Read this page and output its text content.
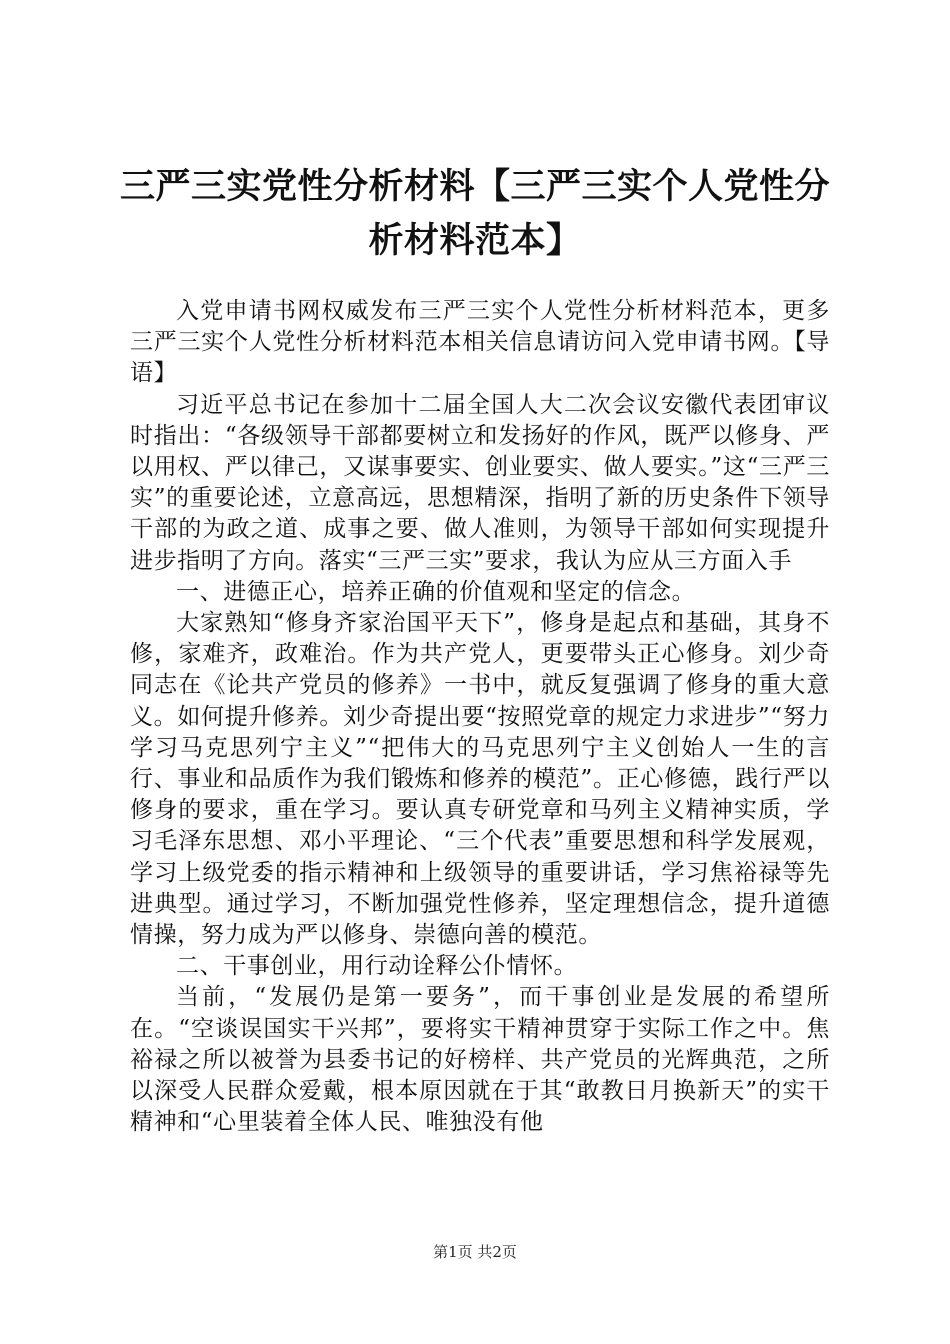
三严三实党性分析材料【三严三实个人党性分析材料范本】

入党申请书网权威发布三严三实个人党性分析材料范本，更多三严三实个人党性分析材料范本相关信息请访问入党申请书网。【导语】

习近平总书记在参加十二届全国人大二次会议安徽代表团审议时指出：“各级领导干部都要树立和发扬好的作风，既严以修身、严以用权、严以律己，又谋事要实、创业要实、做人要实。”这“三严三实”的重要论述，立意高远，思想精深，指明了新的历史条件下领导干部的为政之道、成事之要、做人准则，为领导干部如何实现提升进步指明了方向。落实“三严三实”要求，我认为应从三方面入手

一、进德正心，培养正确的价值观和坚定的信念。

大家熟知“修身齐家治国平天下”，修身是起点和基础，其身不修，家难齐，政难治。作为共产党人，更要带头正心修身。刘少奇同志在《论共产党员的修养》一书中，就反复强调了修身的重大意义。如何提升修养。刘少奇提出要“按照党章的规定力求进步”“努力学习马克思列宁主义”“把伟大的马克思列宁主义创始人一生的言行、事业和品质作为我们锻炼和修养的模范”。正心修德，践行严以修身的要求，重在学习。要认真专研党章和马列主义精神实质，学习毛泽东思想、邓小平理论、“三个代表”重要思想和科学发展观，学习上级党委的指示精神和上级领导的重要讲话，学习焦裕禄等先进典型。通过学习，不断加强党性修养，坚定理想信念，提升道德情操，努力成为严以修身、崇德向善的模范。

二、干事创业，用行动诠释公仆情怀。

当前，“发展仍是第一要务”，而干事创业是发展的希望所在。“空谈误国实干兴邦”，要将实干精神贯穿于实际工作之中。焦裕禄之所以被誉为县委书记的好榜样、共产党员的光辉典范，之所以深受人民群众爱戴，根本原因就在于其“敢教日月换新天”的实干精神和“心里装着全体人民、唯独没有他

第1页 共2页
